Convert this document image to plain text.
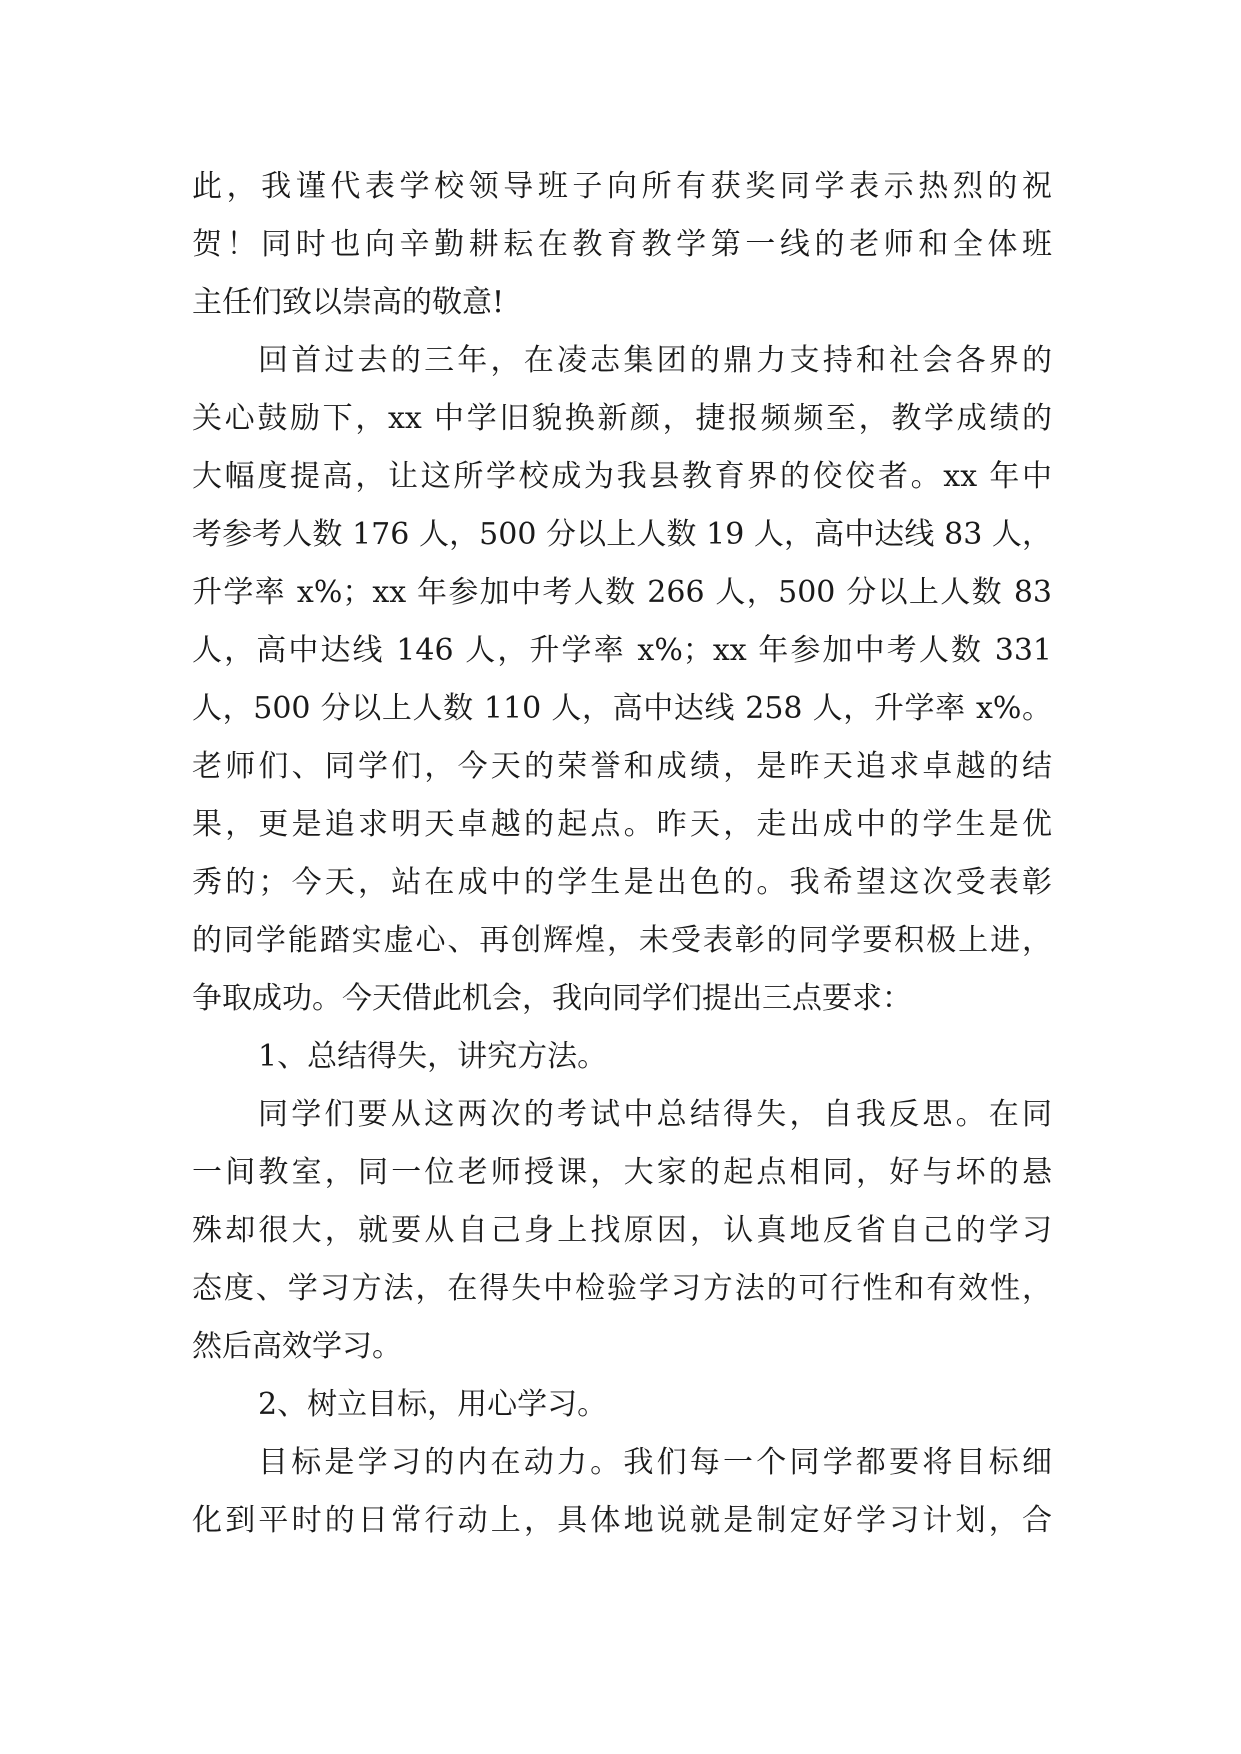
此，我谨代表学校领导班子向所有获奖同学表示热烈的祝
贺！同时也向辛勤耕耘在教育教学第一线的老师和全体班
主任们致以崇高的敬意!
回首过去的三年，在凌志集团的鼎力支持和社会各界的
关心鼓励下，xx 中学旧貌换新颜，捷报频频至，教学成绩的
大幅度提高，让这所学校成为我县教育界的佼佼者。xx 年中
考参考人数 176 人，500 分以上人数 19 人，高中达线 83 人，
升学率 x%；xx 年参加中考人数 266 人，500 分以上人数 83
人，高中达线 146 人，升学率 x%；xx 年参加中考人数 331
人，500 分以上人数 110 人，高中达线 258 人，升学率 x%。
老师们、同学们，今天的荣誉和成绩，是昨天追求卓越的结
果，更是追求明天卓越的起点。昨天，走出成中的学生是优
秀的；今天，站在成中的学生是出色的。我希望这次受表彰
的同学能踏实虚心、再创辉煌，未受表彰的同学要积极上进，
争取成功。今天借此机会，我向同学们提出三点要求：
1、总结得失，讲究方法。
同学们要从这两次的考试中总结得失，自我反思。在同
一间教室，同一位老师授课，大家的起点相同，好与坏的悬
殊却很大，就要从自己身上找原因，认真地反省自己的学习
态度、学习方法，在得失中检验学习方法的可行性和有效性，
然后高效学习。
2、树立目标，用心学习。
目标是学习的内在动力。我们每一个同学都要将目标细
化到平时的日常行动上，具体地说就是制定好学习计划，合
